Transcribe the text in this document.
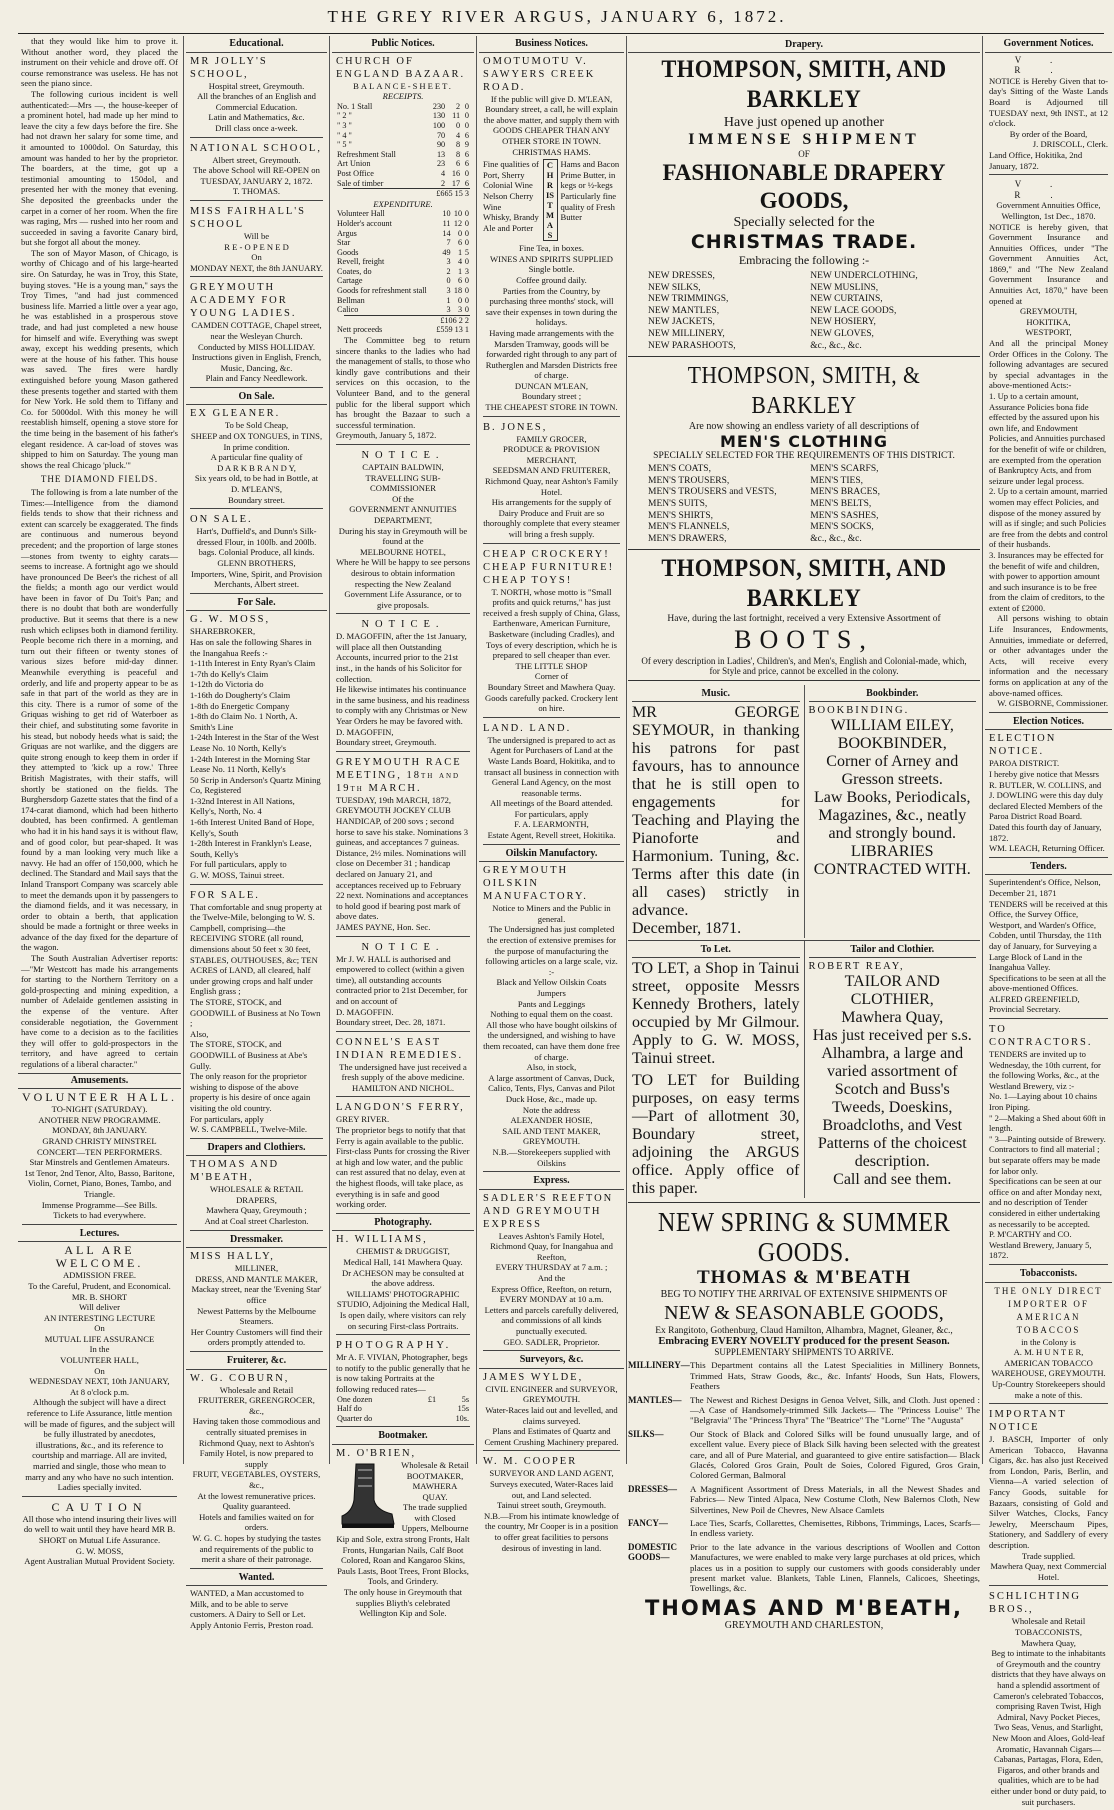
THE GREY RIVER ARGUS, JANUARY 6, 1872.

that they would like him to prove it. Without another word, they placed the instrument on their vehicle and drove off. Of course remonstrance was useless. He has not seen the piano since.

The following curious incident is well authenticated:—Mrs —, the house-keeper of a prominent hotel, had made up her mind to leave the city a few days before the fire. She had not drawn her salary for some time, and it amounted to 1000dol. On Saturday, this amount was handed to her by the proprietor. The boarders, at the time, got up a testimonial amounting to 150dol, and presented her with the money that evening. She deposited the greenbacks under the carpet in a corner of her room. When the fire was raging, Mrs — rushed into her room and succeeded in saving a favorite Canary bird, but she forgot all about the money.

The son of Mayor Mason, of Chicago, is worthy of Chicago and of his large-hearted sire. On Saturday, he was in Troy, this State, buying stoves. "He is a young man," says the Troy Times, "and had just commenced business life. Married a little over a year ago, he was established in a prosperous stove trade, and had just completed a new house for himself and wife. Everything was swept away, except his wedding presents, which were at the house of his father. This house was saved. The fires were hardly extinguished before young Mason gathered these presents together and started with them for New York. He sold them to Tiffany and Co. for 5000dol. With this money he will reestablish himself, opening a stove store for the time being in the basement of his father's elegant residence. A car-load of stoves was shipped to him on Saturday. The young man shows the real Chicago 'pluck.'"

THE DIAMOND FIELDS.

The following is from a late number of the Times:—Intelligence from the diamond fields tends to show that their richness and extent can scarcely be exaggerated. The finds are continuous and numerous beyond precedent; and the proportion of large stones—stones from twenty to eighty carats—seems to increase. A fortnight ago we should have pronounced De Beer's the richest of all the fields; a month ago our verdict would have been in favor of Du Toit's Pan; and there is no doubt that both are wonderfully productive. But it seems that there is a new rush which eclipses both in diamond fertility. People become rich there in a morning, and turn out their fifteen or twenty stones of various sizes before mid-day dinner. Meanwhile everything is peaceful and orderly, and life and property appear to be as safe in that part of the world as they are in this city. There is a rumor of some of the Griquas wishing to get rid of Waterboer as their chief, and substituting some favorite in his stead, but nobody heeds what is said; the Griquas are not warlike, and the diggers are quite strong enough to keep them in order if they attempted to 'kick up a row.' Three British Magistrates, with their staffs, will shortly be stationed on the fields. The Burghersdorp Gazette states that the find of a 174-carat diamond, which had been hitherto doubted, has been confirmed. A gentleman who had it in his hand says it is without flaw, and of good color, but pear-shaped. It was found by a man looking very much like a navvy. He had an offer of 150,000, which he declined. The Standard and Mail says that the Inland Transport Company was scarcely able to meet the demands upon it by passengers to the diamond fields, and it was necessary, in order to obtain a berth, that application should be made a fortnight or three weeks in advance of the day fixed for the departure of the wagon.

The South Australian Advertiser reports:—"Mr Westcott has made his arrangements for starting to the Northern Territory on a gold-prospecting and mining expedition, a number of Adelaide gentlemen assisting in the expense of the venture. After considerable negotiation, the Government have come to a decision as to the facilities they will offer to gold-prospectors in the territory, and have agreed to certain regulations of a liberal character."

Amusements.
VOLUNTEER HALL.

TO-NIGHT (SATURDAY).

ANOTHER NEW PROGRAMME.

MONDAY, 8th JANUARY.

GRAND CHRISTY MINSTREL CONCERT—TEN PERFORMERS.

Star Minstrels and Gentlemen Amateurs.

1st Tenor, 2nd Tenor, Alto, Basso, Baritone, Violin, Cornet, Piano, Bones, Tambo, and Triangle.

Immense Programme—See Bills.

Tickets to had everywhere.

Lectures.
ALL ARE WELCOME.

ADMISSION FREE.

To the Careful, Prudent, and Economical.

MR. B. SHORT

Will deliver

AN INTERESTING LECTURE

On

MUTUAL LIFE ASSURANCE

In the

VOLUNTEER HALL,

On

WEDNESDAY NEXT, 10th JANUARY,

At 8 o'clock p.m.

Although the subject will have a direct reference to Life Assurance, little mention will be made of figures, and the subject will be fully illustrated by anecdotes, illustrations, &c., and its reference to courtship and marriage. All are invited, married and single, those who mean to marry and any who have no such intention.

Ladies specially invited.

CAUTION

All those who intend insuring their lives will do well to wait until they have heard MR B. SHORT on Mutual Life Assurance.

G. W. MOSS,

Agent Australian Mutual Provident Society.

Educational.
MR JOLLY'S SCHOOL,

Hospital street, Greymouth.

All the branches of an English and Commercial Education.

Latin and Mathematics, &c.

Drill class once a-week.

NATIONAL SCHOOL,

Albert street, Greymouth.

The above School will RE-OPEN on TUESDAY, JANUARY 2, 1872.

T. THOMAS.

MISS FAIRHALL'S SCHOOL

Will be

R E - O P E N E D

On

MONDAY NEXT, the 8th JANUARY.

GREYMOUTH ACADEMY FOR YOUNG LADIES.

CAMDEN COTTAGE, Chapel street, near the Wesleyan Church.

Conducted by MISS HOLLIDAY.

Instructions given in English, French, Music, Dancing, &c.

Plain and Fancy Needlework.

On Sale.
EX GLEANER.

To be Sold Cheap,

SHEEP and OX TONGUES, in TINS, In prime condition.

A particular fine quality of

D A R K B R A N D Y,

Six years old, to be had in Bottle, at

D. M'LEAN'S,

Boundary street.

ON SALE.

Hart's, Duffield's, and Dunn's Silk-dressed Flour, in 100lb. and 200lb. bags. Colonial Produce, all kinds.

GLENN BROTHERS,

Importers, Wine, Spirit, and Provision Merchants, Albert street.

For Sale.
G. W. MOSS,

SHAREBROKER,

Has on sale the following Shares in the Inangahua Reefs :-

1-11th Interest in Enty Ryan's Claim

1-7th do Kelly's Claim

1-12th do Victoria do

1-16th do Dougherty's Claim

1-8th do Energetic Company

1-8th do Claim No. 1 North, A. Smith's Line

1-24th Interest in the Star of the West Lease No. 10 North, Kelly's

1-24th Interest in the Morning Star Lease No. 11 North, Kelly's

50 Scrip in Anderson's Quartz Mining Co, Registered

1-32nd Interest in All Nations, Kelly's, North, No. 4

1-6th Interest United Band of Hope, Kelly's, South

1-28th Interest in Franklyn's Lease, South, Kelly's

For full particulars, apply to

G. W. MOSS, Tainui street.

FOR SALE.

That comfortable and snug property at the Twelve-Mile, belonging to W. S. Campbell, comprising—the RECEIVING STORE (all round, dimensions about 50 feet x 30 feet, STABLES, OUTHOUSES, &c; TEN ACRES of LAND, all cleared, half under growing crops and half under English grass ;

The STORE, STOCK, and GOODWILL of Business at No Town ;

Also,

The STORE, STOCK, and GOODWILL of Business at Abe's Gully.

The only reason for the proprietor wishing to dispose of the above property is his desire of once again visiting the old country.

For particulars, apply

W. S. CAMPBELL, Twelve-Mile.

Drapers and Clothiers.
THOMAS AND M'BEATH,

WHOLESALE & RETAIL DRAPERS,

Mawhera Quay, Greymouth ;

And at Coal street Charleston.

Dressmaker.
MISS HALLY,

MILLINER,

DRESS, AND MANTLE MAKER,

Mackay street, near the 'Evening Star' office

Newest Patterns by the Melbourne Steamers.

Her Country Customers will find their orders promptly attended to.

Fruiterer, &c.
W. G. COBURN,

Wholesale and Retail

FRUITERER, GREENGROCER, &c.,

Having taken those commodious and centrally situated premises in Richmond Quay, next to Ashton's Family Hotel, is now prepared to supply

FRUIT, VEGETABLES, OYSTERS, &c.,

At the lowest remunerative prices.

Quality guaranteed.

Hotels and families waited on for orders.

W. G. C. hopes by studying the tastes and requirements of the public to merit a share of their patronage.

Wanted.

WANTED, a Man accustomed to Milk, and to be able to serve customers. A Dairy to Sell or Let. Apply Antonio Ferris, Preston road.

Public Notices.
CHURCH OF ENGLAND BAZAAR.
BALANCE-SHEET.
RECEIPTS.
No. 1 Stall	230	2	0
" 2 "	130	11	0
" 3 "	100	0	0
" 4 "	70	4	6
" 5 "	90	8	9
Refreshment Stall	13	8	6
Art Union	23	6	6
Post Office	4	16	0
Sale of timber	2	17	6
	£665 15 3
EXPENDITURE.
Volunteer Hall	10	10	0
Holder's account	11	12	0
Argus	14	0	0
Star	7	6	0
Goods	49	1	5
Revell, freight	3	4	0
Coates, do	2	1	3
Cartage	0	6	0
Goods for refreshment stall	3	18	0
Bellman	1	0	0
Calico	3	3	0
	£106 2 2
Nett proceeds	£559 13 1

The Committee beg to return sincere thanks to the ladies who had the management of stalls, to those who kindly gave contributions and their services on this occasion, to the Volunteer Band, and to the general public for the liberal support which has brought the Bazaar to such a successful termination.

Greymouth, January 5, 1872.

NOTICE.

CAPTAIN BALDWIN,

TRAVELLING SUB-COMMISSIONER

Of the

GOVERNMENT ANNUITIES DEPARTMENT,

During his stay in Greymouth will be found at the

MELBOURNE HOTEL,

Where he Will be happy to see persons desirous to obtain information respecting the New Zealand Government Life Assurance, or to give proposals.

NOTICE.

D. MAGOFFIN, after the 1st January, will place all then Outstanding Accounts, incurred prior to the 21st inst., in the hands of his Solicitor for collection.

He likewise intimates his continuance in the same business, and his readiness to comply with any Christmas or New Year Orders he may be favored with.

D. MAGOFFIN,

Boundary street, Greymouth.

GREYMOUTH RACE MEETING, 18th and 19th MARCH.

TUESDAY, 19th MARCH, 1872,

GREYMOUTH JOCKEY CLUB HANDICAP, of 200 sovs ; second horse to save his stake. Nominations 3 guineas, and acceptances 7 guineas. Distance, 2½ miles. Nominations will close on December 31 ; handicap declared on January 21, and acceptances received up to February 22 next. Nominations and acceptances to hold good if bearing post mark of above dates.

JAMES PAYNE, Hon. Sec.

NOTICE.

Mr J. W. HALL is authorised and empowered to collect (within a given time), all outstanding accounts contracted prior to 21st December, for and on account of

D. MAGOFFIN.

Boundary street, Dec. 28, 1871.

CONNEL'S EAST INDIAN REMEDIES.

The undersigned have just received a fresh supply of the above medicine.

HAMILTON AND NICHOL.

LANGDON'S FERRY,

GREY RIVER.

The proprietor begs to notify that that Ferry is again available to the public.

First-class Punts for crossing the River at high and low water, and the public can rest assured that no delay, even at the highest floods, will take place, as everything is in safe and good working order.

Photography.
H. WILLIAMS,

CHEMIST & DRUGGIST,

Medical Hall, 141 Mawhera Quay.

Dr ACHESON may be consulted at the above address.

WILLIAMS' PHOTOGRAPHIC STUDIO, Adjoining the Medical Hall,

Is open daily, where visitors can rely on securing First-class Portraits.

PHOTOGRAPHY.

Mr A. F. VIVIAN, Photographer, begs to notify to the public generally that he is now taking Portraits at the following reduced rates—

One dozen	£1	5s
Half do		15s
Quarter do		10s.
Bootmaker.
M. O'BRIEN,

Wholesale & Retail

BOOTMAKER,

MAWHERA QUAY.

The trade supplied with Closed Uppers, Melbourne Kip and Sole, extra strong Fronts, Halt Fronts, Hungarian Nails, Calf Boot Colored, Roan and Kangaroo Skins, Pauls Lasts, Boot Trees, Front Blocks, Tools, and Grindery.

The only house in Greymouth that supplies Bliyth's celebrated Wellington Kip and Sole.

Business Notices.
OMOTUMOTU V. SAWYERS CREEK ROAD.

If the public will give D. M'LEAN, Boundary street, a call, he will explain the above matter, and supply them with

GOODS CHEAPER THAN ANY OTHER STORE IN TOWN.

CHRISTMAS HAMS.

Fine qualities of

Port, Sherry

Colonial Wine

Nelson Cherry Wine

Whisky, Brandy

Ale and Porter

CHRISTMAS

Hams and Bacon

Prime Butter, in

kegs or ½-kegs

Particularly fine

quality of Fresh

Butter

Fine Tea, in boxes.

WINES AND SPIRITS SUPPLIED Single bottle.

Coffee ground daily.

Parties from the Country, by purchasing three months' stock, will save their expenses in town during the holidays.

Having made arrangements with the Marsden Tramway, goods will be forwarded right through to any part of Rutherglen and Marsden Districts free of charge.

DUNCAN M'LEAN,

Boundary street ;

THE CHEAPEST STORE IN TOWN.

B. JONES,

FAMILY GROCER,

PRODUCE & PROVISION MERCHANT,

SEEDSMAN AND FRUITERER,

Richmond Quay, near Ashton's Family Hotel.

His arrangements for the supply of Dairy Produce and Fruit are so thoroughly complete that every steamer will bring a fresh supply.

CHEAP CROCKERY! CHEAP FURNITURE! CHEAP TOYS!

T. NORTH, whose motto is "Small profits and quick returns," has just received a fresh supply of China, Glass, Earthenware, American Furniture, Basketware (including Cradles), and Toys of every description, which he is prepared to sell cheaper than ever.

THE LITTLE SHOP

Corner of

Boundary Street and Mawhera Quay.

Goods carefully packed. Crockery lent on hire.

LAND. LAND.

The undersigned is prepared to act as Agent for Purchasers of Land at the Waste Lands Board, Hokitika, and to transact all business in connection with General Land Agency, on the most reasonable terms.

All meetings of the Board attended.

For particulars, apply

F. A. LEARMONTH,

Estate Agent, Revell street, Hokitika.

Oilskin Manufactory.
GREYMOUTH OILSKIN MANUFACTORY.

Notice to Miners and the Public in general.

The Undersigned has just completed the erection of extensive premises for the purpose of manufacturing the following articles on a large scale, viz. :-

Black and Yellow Oilskin Coats

Jumpers

Pants and Leggings

Nothing to equal them on the coast.

All those who have bought oilskins of the undersigned, and wishing to have them recoated, can have them done free of charge.

Also, in stock,

A large assortment of Canvas, Duck, Calico, Tents, Flys, Canvas and Pilot Duck Hose, &c., made up.

Note the address

ALEXANDER HOSIE,

SAIL AND TENT MAKER,

GREYMOUTH.

N.B.—Storekeepers supplied with Oilskins

Express.
SADLER'S REEFTON AND GREYMOUTH EXPRESS

Leaves Ashton's Family Hotel, Richmond Quay, for Inangahua and Reefton,

EVERY THURSDAY at 7 a.m. ;

And the

Express Office, Reefton, on return,

EVERY MONDAY at 10 a.m.

Letters and parcels carefully delivered, and commissions of all kinds punctually executed.

GEO. SADLER, Proprietor.

Surveyors, &c.
JAMES WYLDE,

CIVIL ENGINEER and SURVEYOR,

GREYMOUTH.

Water-Races laid out and levelled, and claims surveyed.

Plans and Estimates of Quartz and Cement Crushing Machinery prepared.

W. M. COOPER

SURVEYOR AND LAND AGENT,

Surveys executed, Water-Races laid out, and Land selected.

Tainui street south, Greymouth.

N.B.—From his intimate knowledge of the country, Mr Cooper is in a position to offer great facilities to persons desirous of investing in land.

Drapery.
THOMPSON, SMITH, AND BARKLEY
Have just opened up another
IMMENSE SHIPMENT
OF
FASHIONABLE DRAPERY GOODS,
Specially selected for the
CHRISTMAS TRADE.
Embracing the following :-

NEW DRESSES,

NEW SILKS,

NEW TRIMMINGS,

NEW MANTLES,

NEW JACKETS,

NEW MILLINERY,

NEW PARASHOOTS,

NEW UNDERCLOTHING,

NEW MUSLINS,

NEW CURTAINS,

NEW LACE GOODS,

NEW HOSIERY,

NEW GLOVES,

&c., &c., &c.

THOMPSON, SMITH, & BARKLEY
Are now showing an endless variety of all descriptions of
MEN'S CLOTHING
SPECIALLY SELECTED FOR THE REQUIREMENTS OF THIS DISTRICT.

MEN'S COATS,

MEN'S TROUSERS,

MEN'S TROUSERS and VESTS,

MEN'S SUITS,

MEN'S SHIRTS,

MEN'S FLANNELS,

MEN'S DRAWERS,

MEN'S SCARFS,

MEN'S TIES,

MEN'S BRACES,

MEN'S BELTS,

MEN'S SASHES,

MEN'S SOCKS,

&c., &c., &c.

THOMPSON, SMITH, AND BARKLEY
Have, during the last fortnight, received a very Extensive Assortment of
BOOTS,
Of every description in Ladies', Children's, and Men's, English and Colonial-made, which, for Style and price, cannot be excelled in the colony.
Music.

MR GEORGE SEYMOUR, in thanking his patrons for past favours, has to announce that he is still open to engagements for Teaching and Playing the Pianoforte and Harmonium. Tuning, &c. Terms after this date (in all cases) strictly in advance.

December, 1871.

Bookbinder.
BOOKBINDING.

WILLIAM EILEY,

BOOKBINDER,

Corner of Arney and Gresson streets.

Law Books, Periodicals, Magazines, &c., neatly and strongly bound.

LIBRARIES CONTRACTED WITH.

To Let.

TO LET, a Shop in Tainui street, opposite Messrs Kennedy Brothers, lately occupied by Mr Gilmour. Apply to G. W. MOSS, Tainui street.

TO LET for Building purposes, on easy terms—Part of allotment 30, Boundary street, adjoining the ARGUS office. Apply office of this paper.

Tailor and Clothier.
ROBERT REAY,

TAILOR AND CLOTHIER,

Mawhera Quay,

Has just received per s.s. Alhambra, a large and varied assortment of Scotch and Buss's Tweeds, Doeskins, Broadcloths, and Vest Patterns of the choicest description.

Call and see them.

NEW SPRING & SUMMER GOODS.
THOMAS & M'BEATH
BEG TO NOTIFY THE ARRIVAL OF EXTENSIVE SHIPMENTS OF
NEW & SEASONABLE GOODS,
Ex Rangitoto, Gothenburg, Claud Hamilton, Alhambra, Magnet, Gleaner, &c.,
Embracing EVERY NOVELTY produced for the present Season.
SUPPLEMENTARY SHIPMENTS TO ARRIVE.
MILLINERY— This Department contains all the Latest Specialities in Millinery Bonnets, Trimmed Hats, Straw Goods, &c., &c. Infants' Hoods, Sun Hats, Flowers, Feathers
MANTLES— The Newest and Richest Designs in Genoa Velvet, Silk, and Cloth. Just opened :—A Case of Handsomely-trimmed Silk Jackets— The "Princess Louise" The "Belgravia" The "Princess Thyra" The "Beatrice" The "Lorne" The "Augusta"
SILKS—	Our Stock of Black and Colored Silks will be found unusually large, and of excellent value. Every piece of Black Silk having been selected with the greatest care, and all of Pure Material, and guaranteed to give entire satisfaction— Black Glacés, Colored Gros Grain, Poult de Soies, Colored Figured, Gros Grain, Colored German, Balmoral
DRESSES—	A Magnificent Assortment of Dress Materials, in all the Newest Shades and Fabrics— New Tinted Alpaca, New Costume Cloth, New Balernos Cloth, New Silvertines, New Poil de Chevres, New Alsace Camlets
FANCY—	Lace Ties, Scarfs, Collarettes, Chemisettes, Ribbons, Trimmings, Laces, Scarfs— In endless variety.
DOMESTIC GOODS—
Prior to the late advance in the various descriptions of Woollen and Cotton Manufactures, we were enabled to make very large purchases at old prices, which places us in a position to supply our customers with goods considerably under present market value. Blankets, Table Linen, Flannels, Calicoes, Sheetings, Towellings, &c.
THOMAS AND M'BEATH,
GREYMOUTH AND CHARLESTON,
Government Notices.
V. R.

NOTICE is Hereby Given that to-day's Sitting of the Waste Lands Board is Adjourned till TUESDAY next, 9th INST., at 12 o'clock.

By order of the Board,

J. DRISCOLL, Clerk.

Land Office, Hokitika, 2nd January, 1872.

V. R.

Government Annuities Office, Wellington, 1st Dec., 1870.

NOTICE is hereby given, that Government Insurance and Annuities Offices, under "The Government Annuities Act, 1869," and "The New Zealand Government Insurance and Annuities Act, 1870," have been opened at

GREYMOUTH,

HOKITIKA,

WESTPORT,

And all the principal Money Order Offices in the Colony. The following advantages are secured by special advantages in the above-mentioned Acts:-

1. Up to a certain amount, Assurance Policies bona fide effected by the assured upon his own life, and Endowment Policies, and Annuities purchased for the benefit of wife or children, are exempted from the operation of Bankruptcy Acts, and from seizure under legal process.

2. Up to a certain amount, married women may effect Policies, and dispose of the money assured by will as if single; and such Policies are free from the debts and control of their husbands.

3. Insurances may be effected for the benefit of wife and children, with power to apportion amount and such insurance is to be free from the claim of creditors, to the extent of £2000.

All persons wishing to obtain Life Insurances, Endowments, Annuities, immediate or deferred, or other advantages under the Acts, will receive every information and the necessary forms on application at any of the above-named offices.

W. GISBORNE, Commissioner.

Election Notices.
ELECTION NOTICE.

PAROA DISTRICT.

I hereby give notice that Messrs R. BUTLER, W. COLLINS, and J. DOWLING were this day duly declared Elected Members of the Paroa District Road Board.

Dated this fourth day of January, 1872.

WM. LEACH, Returning Officer.

Tenders.

Superintendent's Office, Nelson, December 21, 1871

TENDERS will be received at this Office, the Survey Office, Westport, and Warden's Office, Cobden, until Thursday, the 11th day of January, for Surveying a Large Block of Land in the Inangahua Valley.

Specifications to be seen at all the above-mentioned Offices.

ALFRED GREENFIELD, Provincial Secretary.

TO CONTRACTORS.

TENDERS are invited up to Wednesday, the 10th current, for the following Works, &c., at the Westland Brewery, viz :-

No. 1—Laying about 10 chains Iron Piping.

" 2—Making a Shed about 60ft in length.

" 3—Painting outside of Brewery.

Contractors to find all material ; but separate offers may be made for labor only.

Specifications can be seen at our office on and after Monday next, and no description of Tender considered in either undertaking as necessarily to be accepted.

P. M'CARTHY and CO.

Westland Brewery, January 5, 1872.

Tobacconists.
THE ONLY DIRECT IMPORTER OF AMERICAN TOBACCOS

in the Colony is

A. M. H U N T E R,

AMERICAN TOBACCO WAREHOUSE, GREYMOUTH.

Up-Country Storekeepers should make a note of this.

IMPORTANT NOTICE

J. BASCH, Importer of only American Tobacco, Havanna Cigars, &c. has also just Received from London, Paris, Berlin, and Vienna—A varied selection of Fancy Goods, suitable for Bazaars, consisting of Gold and Silver Watches, Clocks, Fancy Jewelry, Meerschaum Pipes, Stationery, and Saddlery of every description.

Trade supplied.

Mawhera Quay, next Commercial Hotel.

SCHLICHTING BROS.,

Wholesale and Retail

TOBACCONISTS,

Mawhera Quay,

Beg to intimate to the inhabitants of Greymouth and the country districts that they have always on hand a splendid assortment of Cameron's celebrated Tobaccos, comprising Raven Twist, High Admiral, Navy Pocket Pieces, Two Seas, Venus, and Starlight, New Moon and Aloes, Gold-leaf Aromatic, Havannah Cigars—Cabanas, Partagas, Flora, Eden, Figaros, and other brands and qualities, which are to be had either under bond or duty paid, to suit purchasers.
